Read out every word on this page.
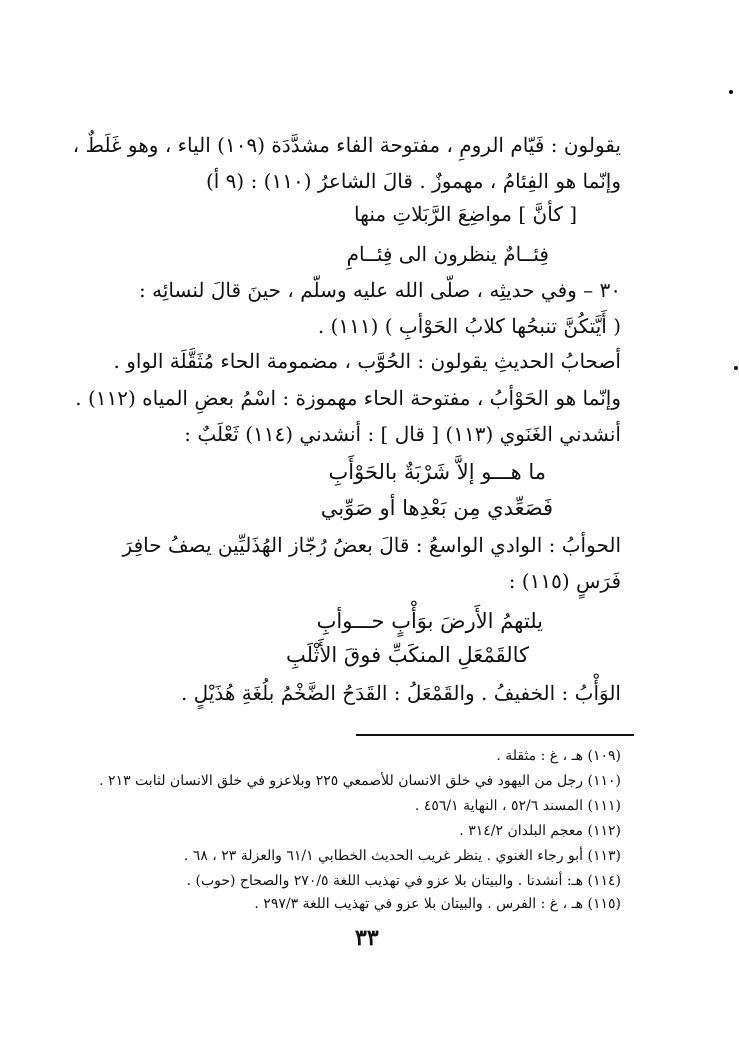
يقولون : فَيّام الرومِ ، مفتوحة الفاء مشدَّدَة (١٠٩) الياء ، وهو غَلَطٌ ،
وإنّما هو الفِئامُ ، مهموزٌ . قالَ الشاعرُ (١١٠) : (٩ أ)
[ كأنَّ ] مواضِعَ الرَّبَلاتِ منها
فِئــامٌ ينظرون الى فِئــامِ
٣٠ – وفي حديثِه ، صلّى الله عليه وسلّم ، حينَ قالَ لنسائِه :
( أَيَّتكُنَّ تنبحُها كلابُ الحَوْأبِ ) (١١١) .
أصحابُ الحديثِ يقولون : الحُوَّب ، مضمومة الحاء مُثَقَّلَة الواو .
وإنّما هو الحَوْأبُ ، مفتوحة الحاء مهموزة : اسْمُ بعضِ المياه (١١٢) .
أنشدني الغَنَوي (١١٣) [ قال ] : أنشدني (١١٤) ثَعْلَبٌ :
ما هـــو إلاَّ شَرْبَةٌ بالحَوْأَبِ
فَصَعِّدي مِن بَعْدِها أو صَوِّبي
الحوأبُ : الوادي الواسعُ : قالَ بعضُ رُجّاز الهُذَليِّين يصفُ حافِرَ
فَرَسٍ (١١٥) :
يلتهمُ الأَرضَ بوَأْبٍ حـــوأبِ
كالقَمْعَلِ المنكَبِّ فوقَ الأَثْلَبِ
الوَأْبُ : الخفيفُ . والقَمْعَلُ : القَدَحُ الضَّخْمُ بلُغَةِ هُذَيْلٍ .
(١٠٩) هـ ، غ : مثقلة .
(١١٠) رجل من اليهود في خلق الانسان للأصمعي ٢٢٥ وبلاعزو في خلق الانسان لثابت ٢١٣ .
(١١١) المسند ٥٢/٦ ، النهاية ٤٥٦/١ .
(١١٢) معجم البلدان ٣١٤/٢ .
(١١٣) أبو رجاء الغنوي . ينظر غريب الحديث الخطابي ٦١/١ والعزلة ٢٣ ، ٦٨ .
(١١٤) هـ: أنشدنا . والبيتان بلا عزو في تهذيب اللغة ٢٧٠/٥ والصحاح (حوب) .
(١١٥) هـ ، غ : الفرس . والبيتان بلا عزو في تهذيب اللغة ٢٩٧/٣ .
٣٣
